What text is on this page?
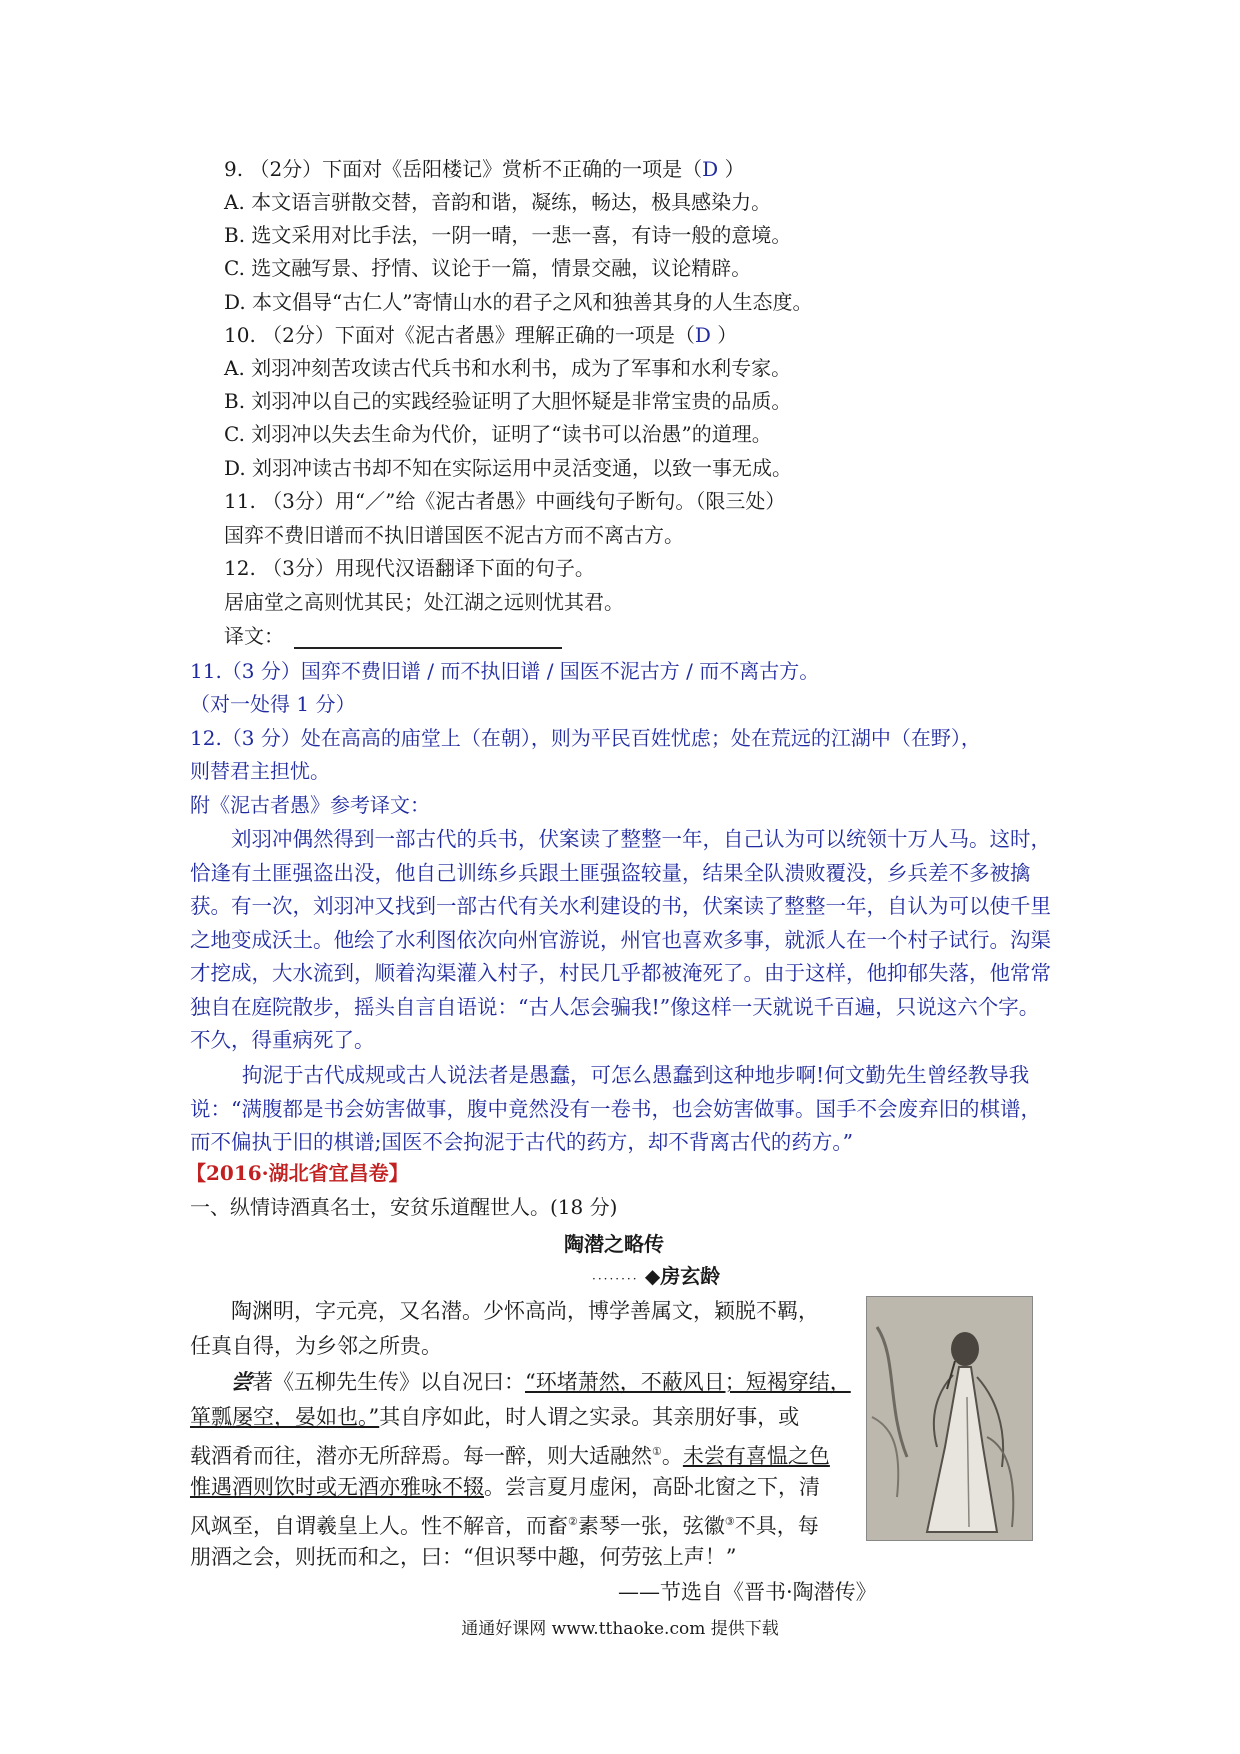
9. （2分）下面对《岳阳楼记》赏析不正确的一项是（D ）
A. 本文语言骈散交替，音韵和谐，凝练，畅达，极具感染力。
B. 选文采用对比手法，一阴一晴，一悲一喜，有诗一般的意境。
C. 选文融写景、抒情、议论于一篇，情景交融，议论精辟。
D. 本文倡导“古仁人”寄情山水的君子之风和独善其身的人生态度。
10. （2分）下面对《泥古者愚》理解正确的一项是（D ）
A. 刘羽冲刻苦攻读古代兵书和水利书，成为了军事和水利专家。
B. 刘羽冲以自己的实践经验证明了大胆怀疑是非常宝贵的品质。
C. 刘羽冲以失去生命为代价，证明了“读书可以治愚”的道理。
D. 刘羽冲读古书却不知在实际运用中灵活变通，以致一事无成。
11. （3分）用“／”给《泥古者愚》中画线句子断句。（限三处）
国弈不费旧谱而不执旧谱国医不泥古方而不离古方。
12. （3分）用现代汉语翻译下面的句子。
居庙堂之高则忧其民；处江湖之远则忧其君。
译文：
11.（3 分）国弈不费旧谱 / 而不执旧谱 / 国医不泥古方 / 而不离古方。
（对一处得 1 分）
12.（3 分）处在高高的庙堂上（在朝），则为平民百姓忧虑；处在荒远的江湖中（在野），
则替君主担忧。
附《泥古者愚》参考译文：
刘羽冲偶然得到一部古代的兵书，伏案读了整整一年，自己认为可以统领十万人马。这时，恰逢有土匪强盗出没，他自己训练乡兵跟土匪强盗较量，结果全队溃败覆没，乡兵差不多被擒获。有一次，刘羽冲又找到一部古代有关水利建设的书，伏案读了整整一年，自认为可以使千里之地变成沃土。他绘了水利图依次向州官游说，州官也喜欢多事，就派人在一个村子试行。沟渠才挖成，大水流到，顺着沟渠灌入村子，村民几乎都被淹死了。由于这样，他抑郁失落，他常常独自在庭院散步，摇头自言自语说：“古人怎会骗我!”像这样一天就说千百遍，只说这六个字。不久，得重病死了。
拘泥于古代成规或古人说法者是愚蠢，可怎么愚蠢到这种地步啊!何文勤先生曾经教导我说：“满腹都是书会妨害做事，腹中竟然没有一卷书，也会妨害做事。国手不会废弃旧的棋谱，而不偏执于旧的棋谱;国医不会拘泥于古代的药方，却不背离古代的药方。”
【2016·湖北省宜昌卷】
一、纵情诗酒真名士，安贫乐道醒世人。(18 分)
陶潜之略传
········ ◆房玄龄
陶渊明，字元亮，又名潜。少怀高尚，博学善属文，颖脱不羁，
任真自得，为乡邻之所贵。
尝著《五柳先生传》以自况曰：“环堵萧然，不蔽风日；短褐穿结，
箪瓢屡空，晏如也。”其自序如此，时人谓之实录。其亲朋好事，或
载酒肴而往，潜亦无所辞焉。每一醉，则大适融然①。未尝有喜愠之色
惟遇酒则饮时或无酒亦雅咏不辍。尝言夏月虚闲，高卧北窗之下，清
风飒至，自谓羲皇上人。性不解音，而畜②素琴一张，弦徽③不具，每
朋酒之会，则抚而和之，曰：“但识琴中趣，何劳弦上声！”
——节选自《晋书·陶潜传》
通通好课网 www.tthaoke.com 提供下载
